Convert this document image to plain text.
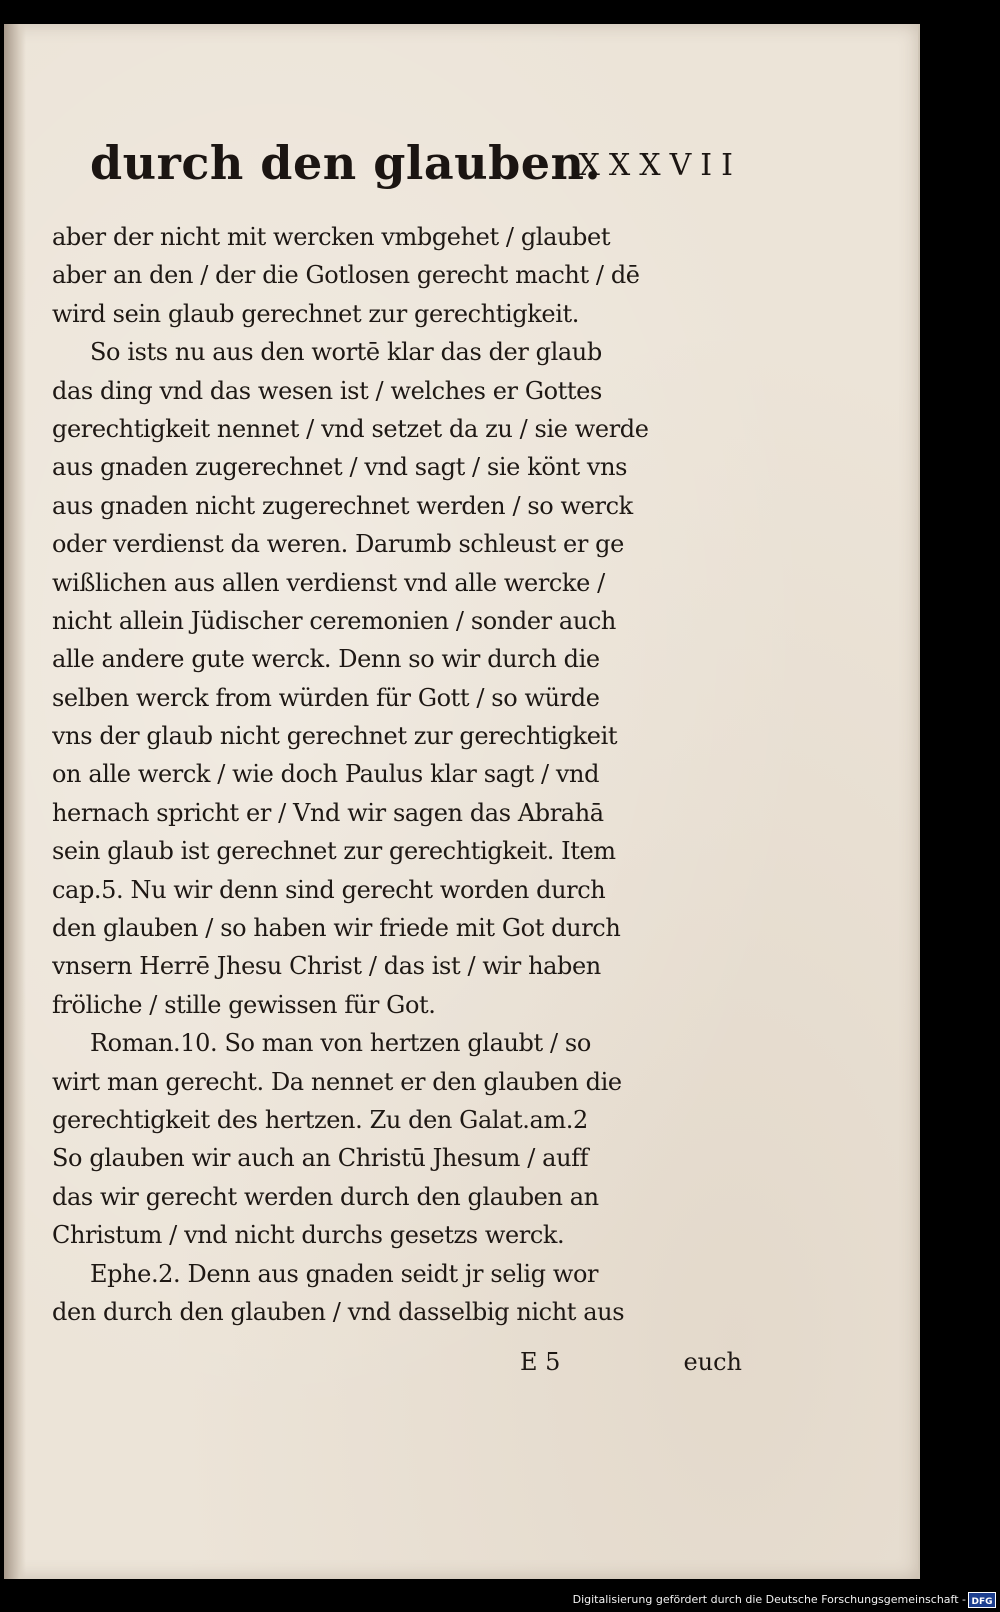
durch den glauben.
XXXVII
aber der nicht mit wercken vmbgehet / glaubet
aber an den / der die Gotlosen gerecht macht / dē
wird sein glaub gerechnet zur gerechtigkeit.
So ists nu aus den wortē klar das der glaub
das ding vnd das wesen ist / welches er Gottes
gerechtigkeit nennet / vnd setzet da zu / sie werde
aus gnaden zugerechnet / vnd sagt / sie könt vns
aus gnaden nicht zugerechnet werden / so werck
oder verdienst da weren. Darumb schleust er ge
wißlichen aus allen verdienst vnd alle wercke /
nicht allein Jüdischer ceremonien / sonder auch
alle andere gute werck. Denn so wir durch die
selben werck from würden für Gott / so würde
vns der glaub nicht gerechnet zur gerechtigkeit
on alle werck / wie doch Paulus klar sagt / vnd
hernach spricht er / Vnd wir sagen das Abrahā
sein glaub ist gerechnet zur gerechtigkeit. Item
cap.5. Nu wir denn sind gerecht worden durch
den glauben / so haben wir friede mit Got durch
vnsern Herrē Jhesu Christ / das ist / wir haben
fröliche / stille gewissen für Got.
Roman.10. So man von hertzen glaubt / so
wirt man gerecht. Da nennet er den glauben die
gerechtigkeit des hertzen. Zu den Galat.am.2
So glauben wir auch an Christū Jhesum / auff
das wir gerecht werden durch den glauben an
Christum / vnd nicht durchs gesetzs werck.
Ephe.2. Denn aus gnaden seidt jr selig wor
den durch den glauben / vnd dasselbig nicht aus
E 5	euch
Digitalisierung gefördert durch die Deutsche Forschungsgemeinschaft - DFG
